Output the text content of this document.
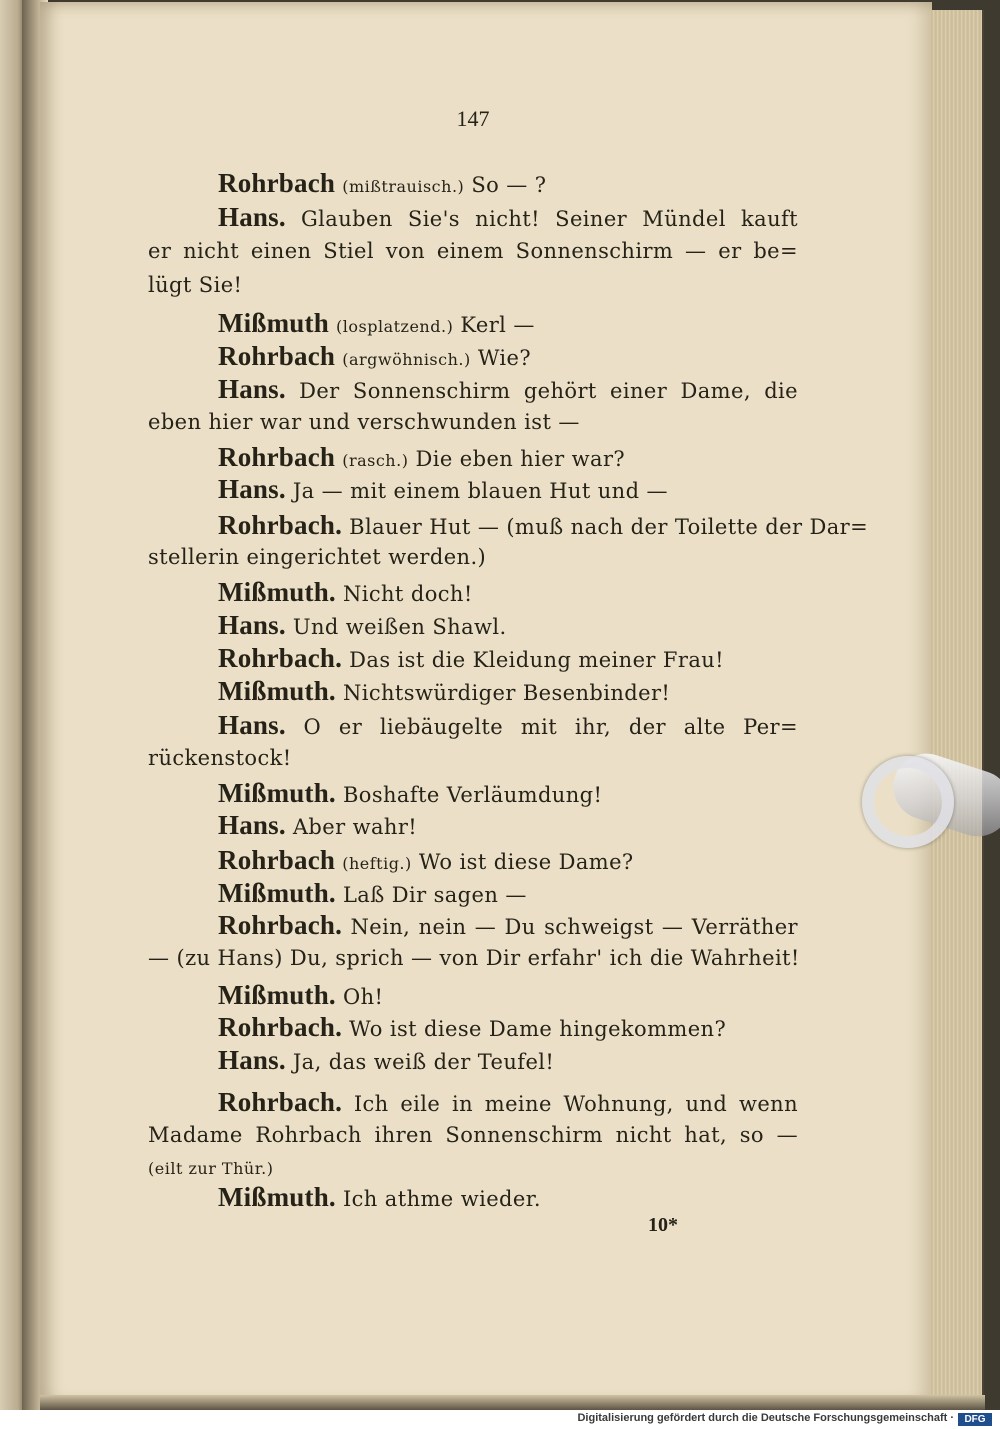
147
Rohrbach (mißtrauisch.) So — ?
Hans. Glauben Sie's nicht! Seiner Mündel kauft
er nicht einen Stiel von einem Sonnenschirm — er be=
lügt Sie!
Mißmuth (losplatzend.) Kerl —
Rohrbach (argwöhnisch.) Wie?
Hans. Der Sonnenschirm gehört einer Dame, die
eben hier war und verschwunden ist —
Rohrbach (rasch.) Die eben hier war?
Hans. Ja — mit einem blauen Hut und —
Rohrbach. Blauer Hut — (muß nach der Toilette der Dar=
stellerin eingerichtet werden.)
Mißmuth. Nicht doch!
Hans. Und weißen Shawl.
Rohrbach. Das ist die Kleidung meiner Frau!
Mißmuth. Nichtswürdiger Besenbinder!
Hans. O er liebäugelte mit ihr, der alte Per=
rückenstock!
Mißmuth. Boshafte Verläumdung!
Hans. Aber wahr!
Rohrbach (heftig.) Wo ist diese Dame?
Mißmuth. Laß Dir sagen —
Rohrbach. Nein, nein — Du schweigst — Verräther
— (zu Hans) Du, sprich — von Dir erfahr' ich die Wahrheit!
Mißmuth. Oh!
Rohrbach. Wo ist diese Dame hingekommen?
Hans. Ja, das weiß der Teufel!
Rohrbach. Ich eile in meine Wohnung, und wenn
Madame Rohrbach ihren Sonnenschirm nicht hat, so —
(eilt zur Thür.)
Mißmuth. Ich athme wieder.
10*
Digitalisierung gefördert durch die Deutsche Forschungsgemeinschaft ·	DFG
